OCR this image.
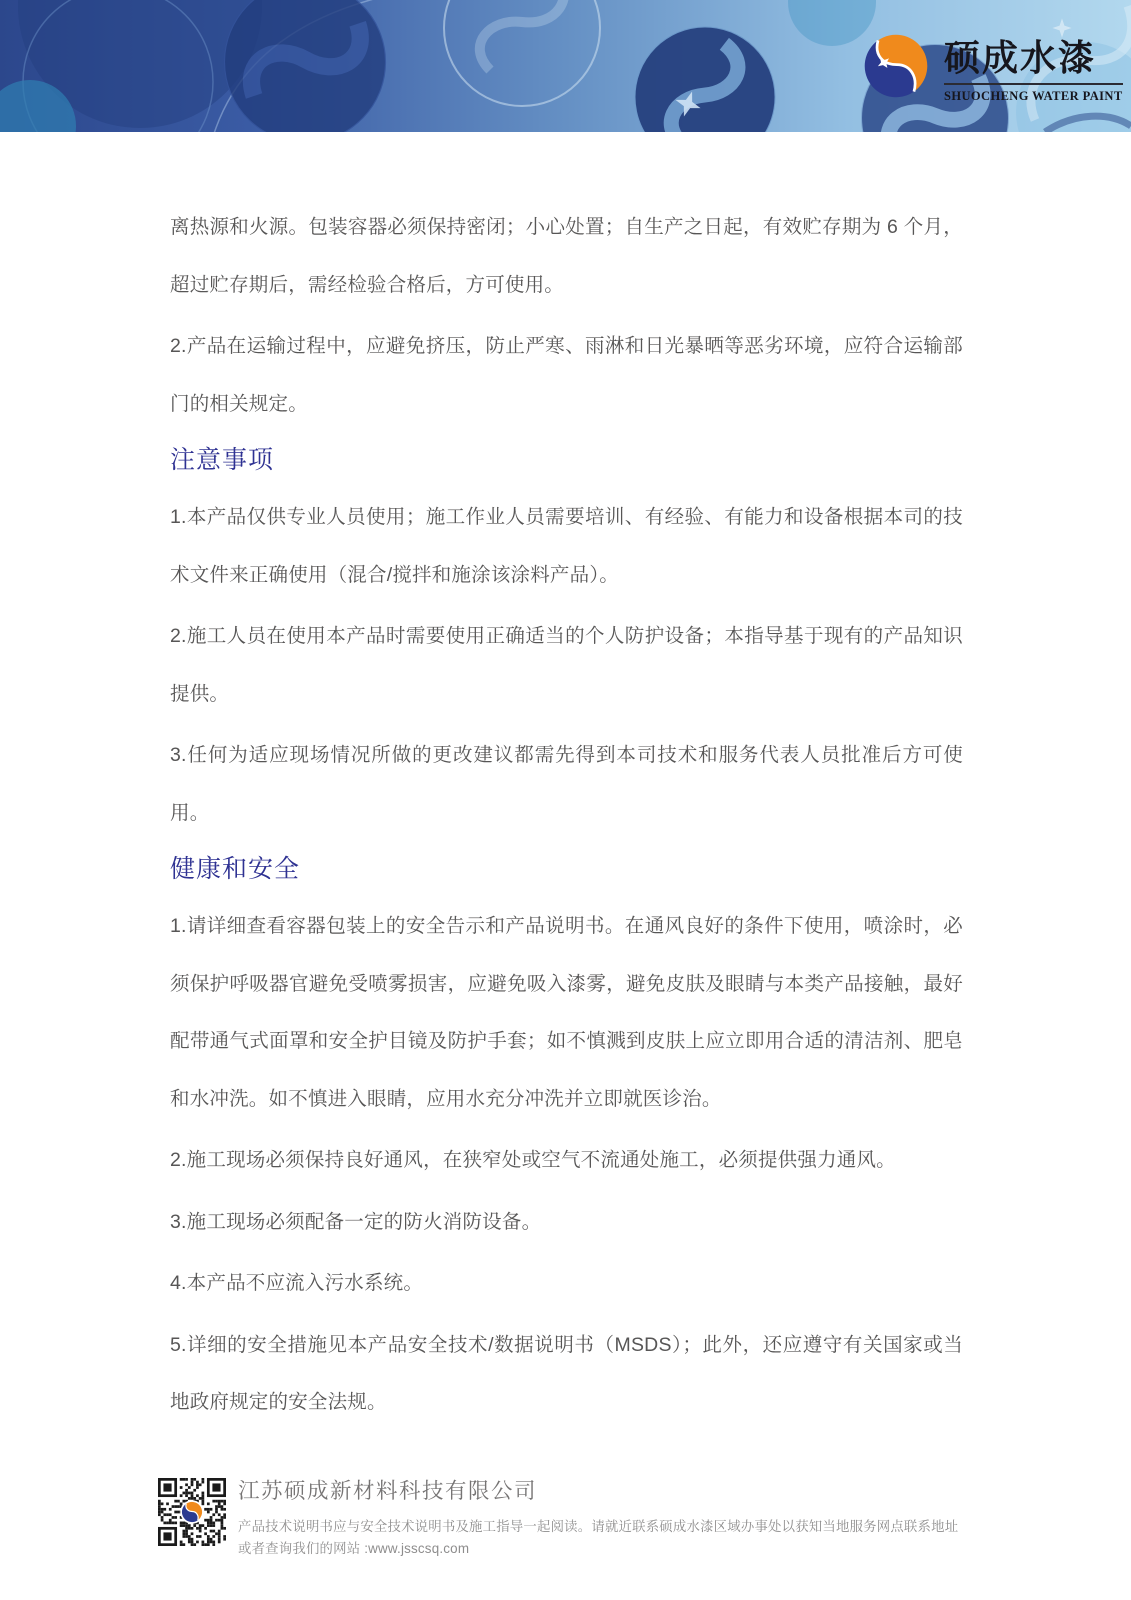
硕成水漆
SHUOCHENG WATER PAINT
离热源和火源。包装容器必须保持密闭；小心处置；自生产之日起，有效贮存期为 6 个月，
超过贮存期后，需经检验合格后，方可使用。
2.产品在运输过程中，应避免挤压，防止严寒、雨淋和日光暴晒等恶劣环境，应符合运输部
门的相关规定。
注意事项
1.本产品仅供专业人员使用；施工作业人员需要培训、有经验、有能力和设备根据本司的技
术文件来正确使用（混合/搅拌和施涂该涂料产品）。
2.施工人员在使用本产品时需要使用正确适当的个人防护设备；本指导基于现有的产品知识
提供。
3.任何为适应现场情况所做的更改建议都需先得到本司技术和服务代表人员批准后方可使
用。
健康和安全
1.请详细查看容器包装上的安全告示和产品说明书。在通风良好的条件下使用，喷涂时，必
须保护呼吸器官避免受喷雾损害，应避免吸入漆雾，避免皮肤及眼睛与本类产品接触，最好
配带通气式面罩和安全护目镜及防护手套；如不慎溅到皮肤上应立即用合适的清洁剂、肥皂
和水冲洗。如不慎进入眼睛，应用水充分冲洗并立即就医诊治。
2.施工现场必须保持良好通风，在狭窄处或空气不流通处施工，必须提供强力通风。
3.施工现场必须配备一定的防火消防设备。
4.本产品不应流入污水系统。
5.详细的安全措施见本产品安全技术/数据说明书（MSDS）；此外，还应遵守有关国家或当
地政府规定的安全法规。
江苏硕成新材料科技有限公司
产品技术说明书应与安全技术说明书及施工指导一起阅读。请就近联系硕成水漆区域办事处以获知当地服务网点联系地址
或者查询我们的网站 :www.jsscsq.com
